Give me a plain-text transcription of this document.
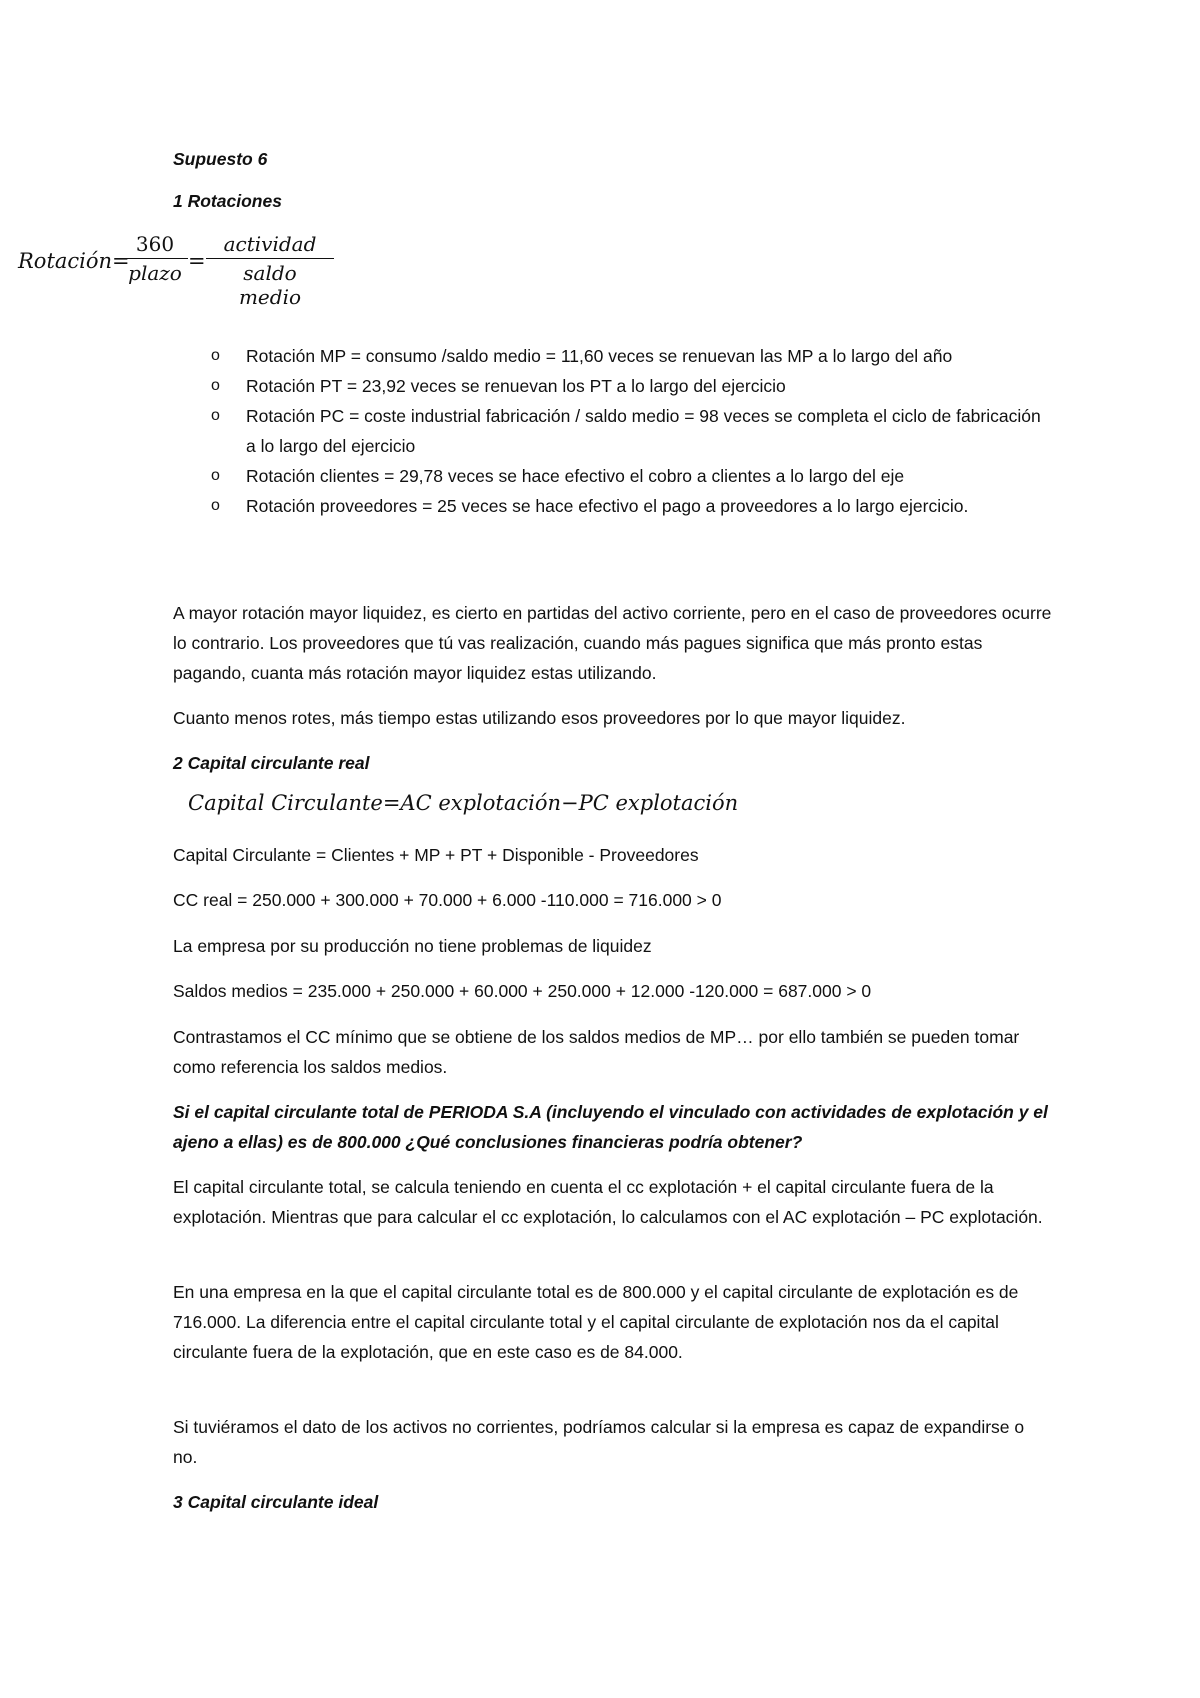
Supuesto 6

1 Rotaciones

Rotación=
360
plazo =
actividad
saldo medio
o Rotación MP = consumo /saldo medio = 11,60 veces se renuevan las MP a lo largo del año
o Rotación PT = 23,92 veces se renuevan los PT a lo largo del ejercicio
o Rotación PC = coste industrial fabricación / saldo medio = 98 veces se completa el ciclo de fabricación a lo largo del ejercicio
o Rotación clientes = 29,78 veces se hace efectivo el cobro a clientes a lo largo del eje
o Rotación proveedores = 25 veces se hace efectivo el pago a proveedores a lo largo ejercicio.

A mayor rotación mayor liquidez, es cierto en partidas del activo corriente, pero en el caso de proveedores ocurre lo contrario. Los proveedores que tú vas realización, cuando más pagues significa que más pronto estas pagando, cuanta más rotación mayor liquidez estas utilizando.

Cuanto menos rotes, más tiempo estas utilizando esos proveedores por lo que mayor liquidez.

2 Capital circulante real

Capital Circulante=AC explotación−PC explotación

Capital Circulante = Clientes + MP + PT + Disponible - Proveedores

CC real = 250.000 + 300.000 + 70.000 + 6.000 -110.000 = 716.000 > 0

La empresa por su producción no tiene problemas de liquidez

Saldos medios = 235.000 + 250.000 + 60.000 + 250.000 + 12.000 -120.000 = 687.000 > 0

Contrastamos el CC mínimo que se obtiene de los saldos medios de MP… por ello también se pueden tomar como referencia los saldos medios.

Si el capital circulante total de PERIODA S.A (incluyendo el vinculado con actividades de explotación y el ajeno a ellas) es de 800.000 ¿Qué conclusiones financieras podría obtener?

El capital circulante total, se calcula teniendo en cuenta el cc explotación + el capital circulante fuera de la explotación. Mientras que para calcular el cc explotación, lo calculamos con el AC explotación – PC explotación.

En una empresa en la que el capital circulante total es de 800.000 y el capital circulante de explotación es de 716.000. La diferencia entre el capital circulante total y el capital circulante de explotación nos da el capital circulante fuera de la explotación, que en este caso es de 84.000.

Si tuviéramos el dato de los activos no corrientes, podríamos calcular si la empresa es capaz de expandirse o no.

3 Capital circulante ideal
